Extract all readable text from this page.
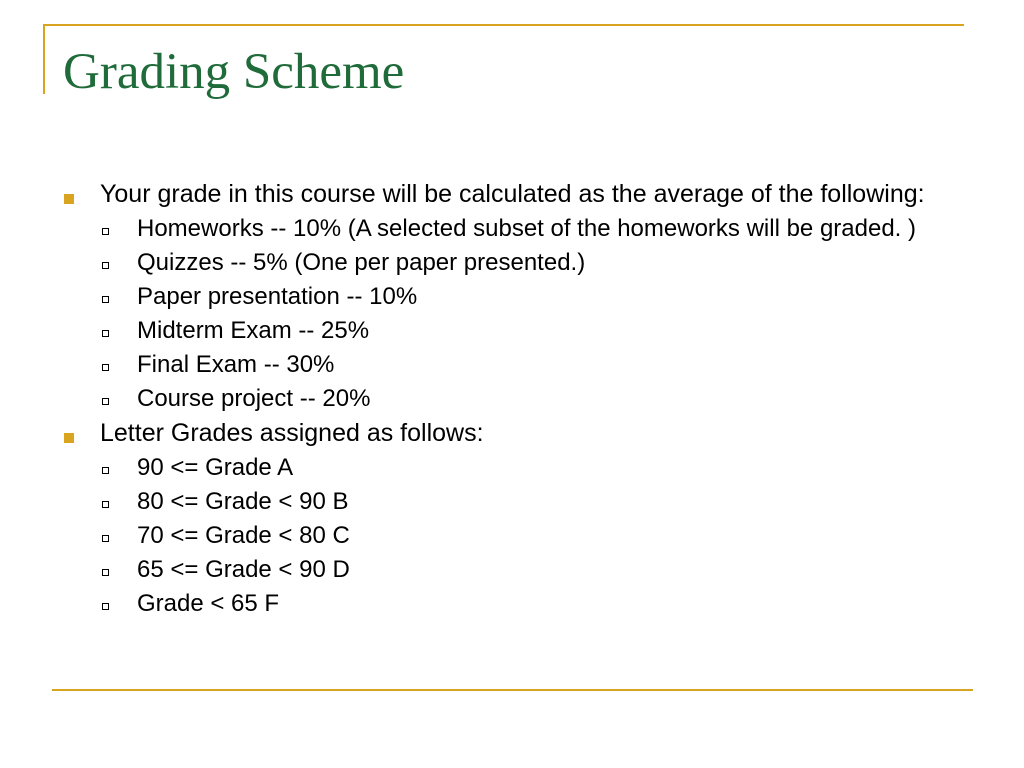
Grading Scheme
Your grade in this course will be calculated as the average of the following:
Homeworks -- 10% (A selected subset of the homeworks will be graded. )
Quizzes -- 5% (One per paper presented.)
Paper presentation -- 10%
Midterm Exam -- 25%
Final Exam -- 30%
Course project -- 20%
Letter Grades assigned as follows:
90 <= Grade A
80 <= Grade < 90 B
70 <= Grade < 80 C
65 <= Grade < 90 D
Grade < 65 F
